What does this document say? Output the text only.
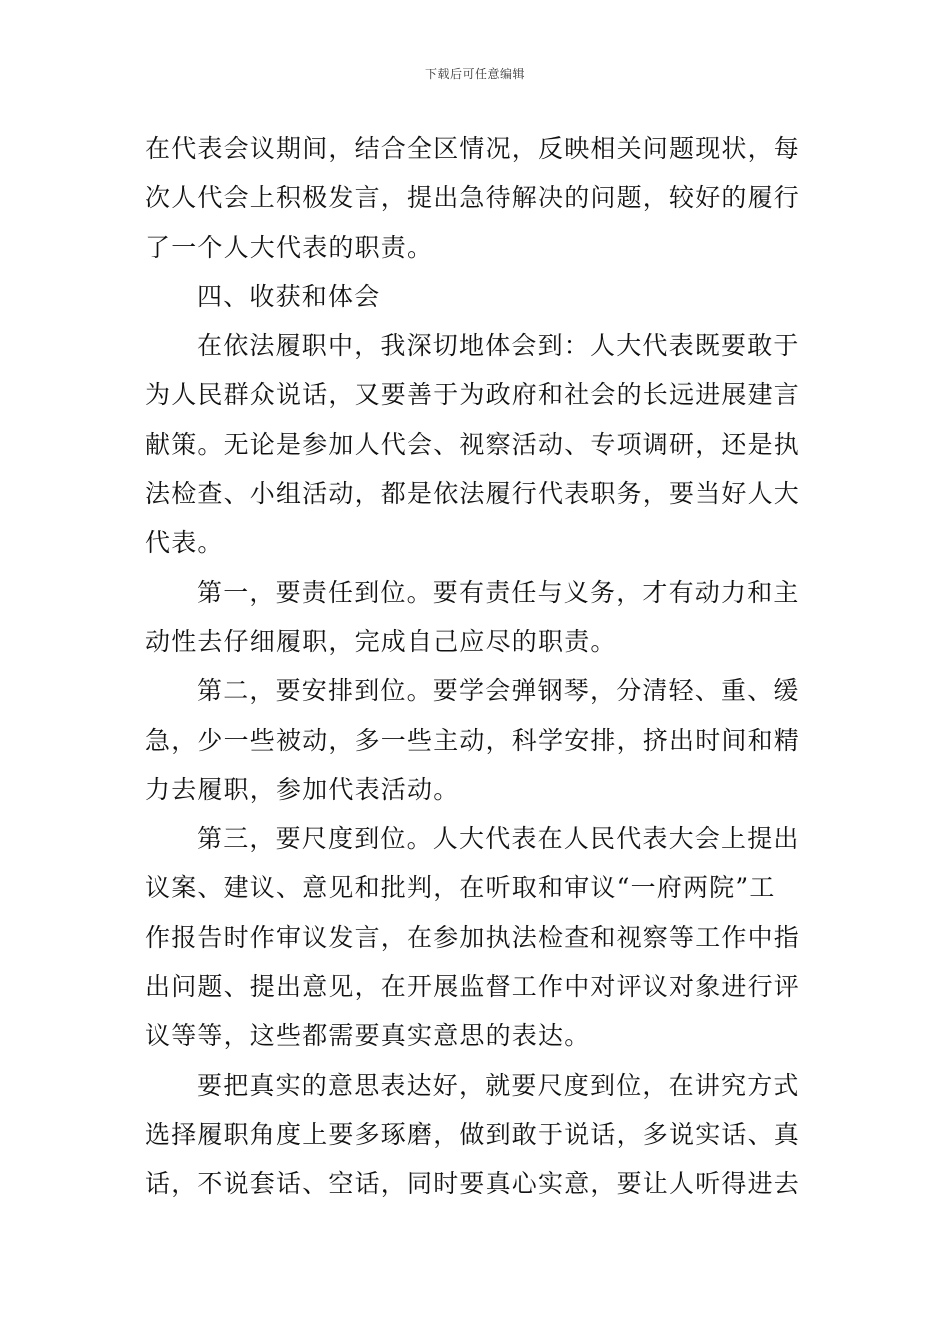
下载后可任意编辑
在代表会议期间，结合全区情况，反映相关问题现状，每
次人代会上积极发言，提出急待解决的问题，较好的履行
了一个人大代表的职责。
四、收获和体会
在依法履职中，我深切地体会到：人大代表既要敢于
为人民群众说话，又要善于为政府和社会的长远进展建言
献策。无论是参加人代会、视察活动、专项调研，还是执
法检查、小组活动，都是依法履行代表职务，要当好人大
代表。
第一，要责任到位。要有责任与义务，才有动力和主
动性去仔细履职，完成自己应尽的职责。
第二，要安排到位。要学会弹钢琴，分清轻、重、缓
急，少一些被动，多一些主动，科学安排，挤出时间和精
力去履职，参加代表活动。
第三，要尺度到位。人大代表在人民代表大会上提出
议案、建议、意见和批判，在听取和审议“一府两院”工
作报告时作审议发言，在参加执法检查和视察等工作中指
出问题、提出意见，在开展监督工作中对评议对象进行评
议等等，这些都需要真实意思的表达。
要把真实的意思表达好，就要尺度到位，在讲究方式
选择履职角度上要多琢磨，做到敢于说话，多说实话、真
话，不说套话、空话，同时要真心实意，要让人听得进去
